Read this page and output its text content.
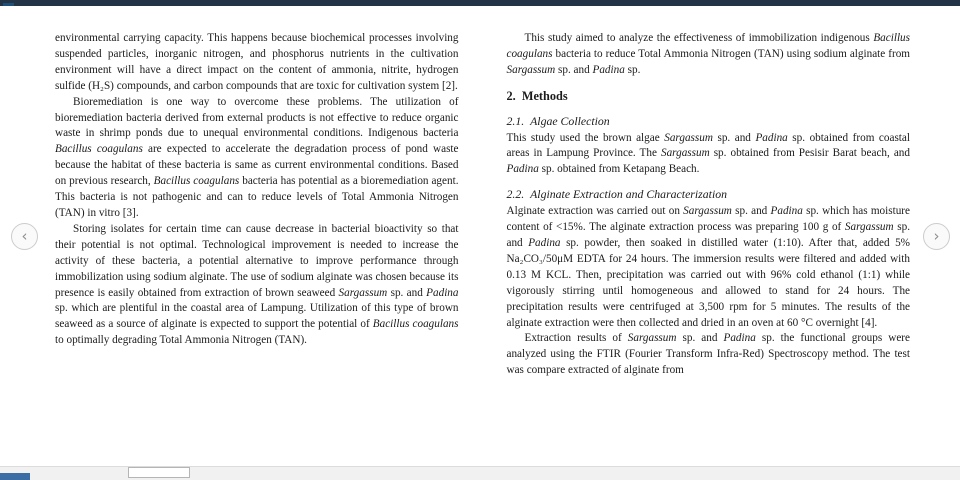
environmental carrying capacity. This happens because biochemical processes involving suspended particles, inorganic nitrogen, and phosphorus nutrients in the cultivation environment will have a direct impact on the content of ammonia, nitrite, hydrogen sulfide (H₂S) compounds, and carbon compounds that are toxic for cultivation system [2].
Bioremediation is one way to overcome these problems. The utilization of bioremediation bacteria derived from external products is not effective to reduce organic waste in shrimp ponds due to unequal environmental conditions. Indigenous bacteria Bacillus coagulans are expected to accelerate the degradation process of pond waste because the habitat of these bacteria is same as current environmental conditions. Based on previous research, Bacillus coagulans bacteria has potential as a bioremediation agent. This bacteria is not pathogenic and can to reduce levels of Total Ammonia Nitrogen (TAN) in vitro [3].
Storing isolates for certain time can cause decrease in bacterial bioactivity so that their potential is not optimal. Technological improvement is needed to increase the activity of these bacteria, a potential alternative to improve performance through immobilization using sodium alginate. The use of sodium alginate was chosen because its presence is easily obtained from extraction of brown seaweed Sargassum sp. and Padina sp. which are plentiful in the coastal area of Lampung. Utilization of this type of brown seaweed as a source of alginate is expected to support the potential of Bacillus coagulans to optimally degrading Total Ammonia Nitrogen (TAN).
This study aimed to analyze the effectiveness of immobilization indigenous Bacillus coagulans bacteria to reduce Total Ammonia Nitrogen (TAN) using sodium alginate from Sargassum sp. and Padina sp.
2.  Methods
2.1.  Algae Collection
This study used the brown algae Sargassum sp. and Padina sp. obtained from coastal areas in Lampung Province. The Sargassum sp. obtained from Pesisir Barat beach, and Padina sp. obtained from Ketapang Beach.
2.2.  Alginate Extraction and Characterization
Alginate extraction was carried out on Sargassum sp. and Padina sp. which has moisture content of <15%. The alginate extraction process was preparing 100 g of Sargassum sp. and Padina sp. powder, then soaked in distilled water (1:10). After that, added 5% Na₂CO₃/50μM EDTA for 24 hours. The immersion results were filtered and added with 0.13 M KCL. Then, precipitation was carried out with 96% cold ethanol (1:1) while vigorously stirring until homogeneous and allowed to stand for 24 hours. The precipitation results were centrifuged at 3,500 rpm for 5 minutes. The results of the alginate extraction were then collected and dried in an oven at 60 °C overnight [4].
Extraction results of Sargassum sp. and Padina sp. the functional groups were analyzed using the FTIR (Fourier Transform Infra-Red) Spectroscopy method. The test was compare extracted of alginate from
‹	›
